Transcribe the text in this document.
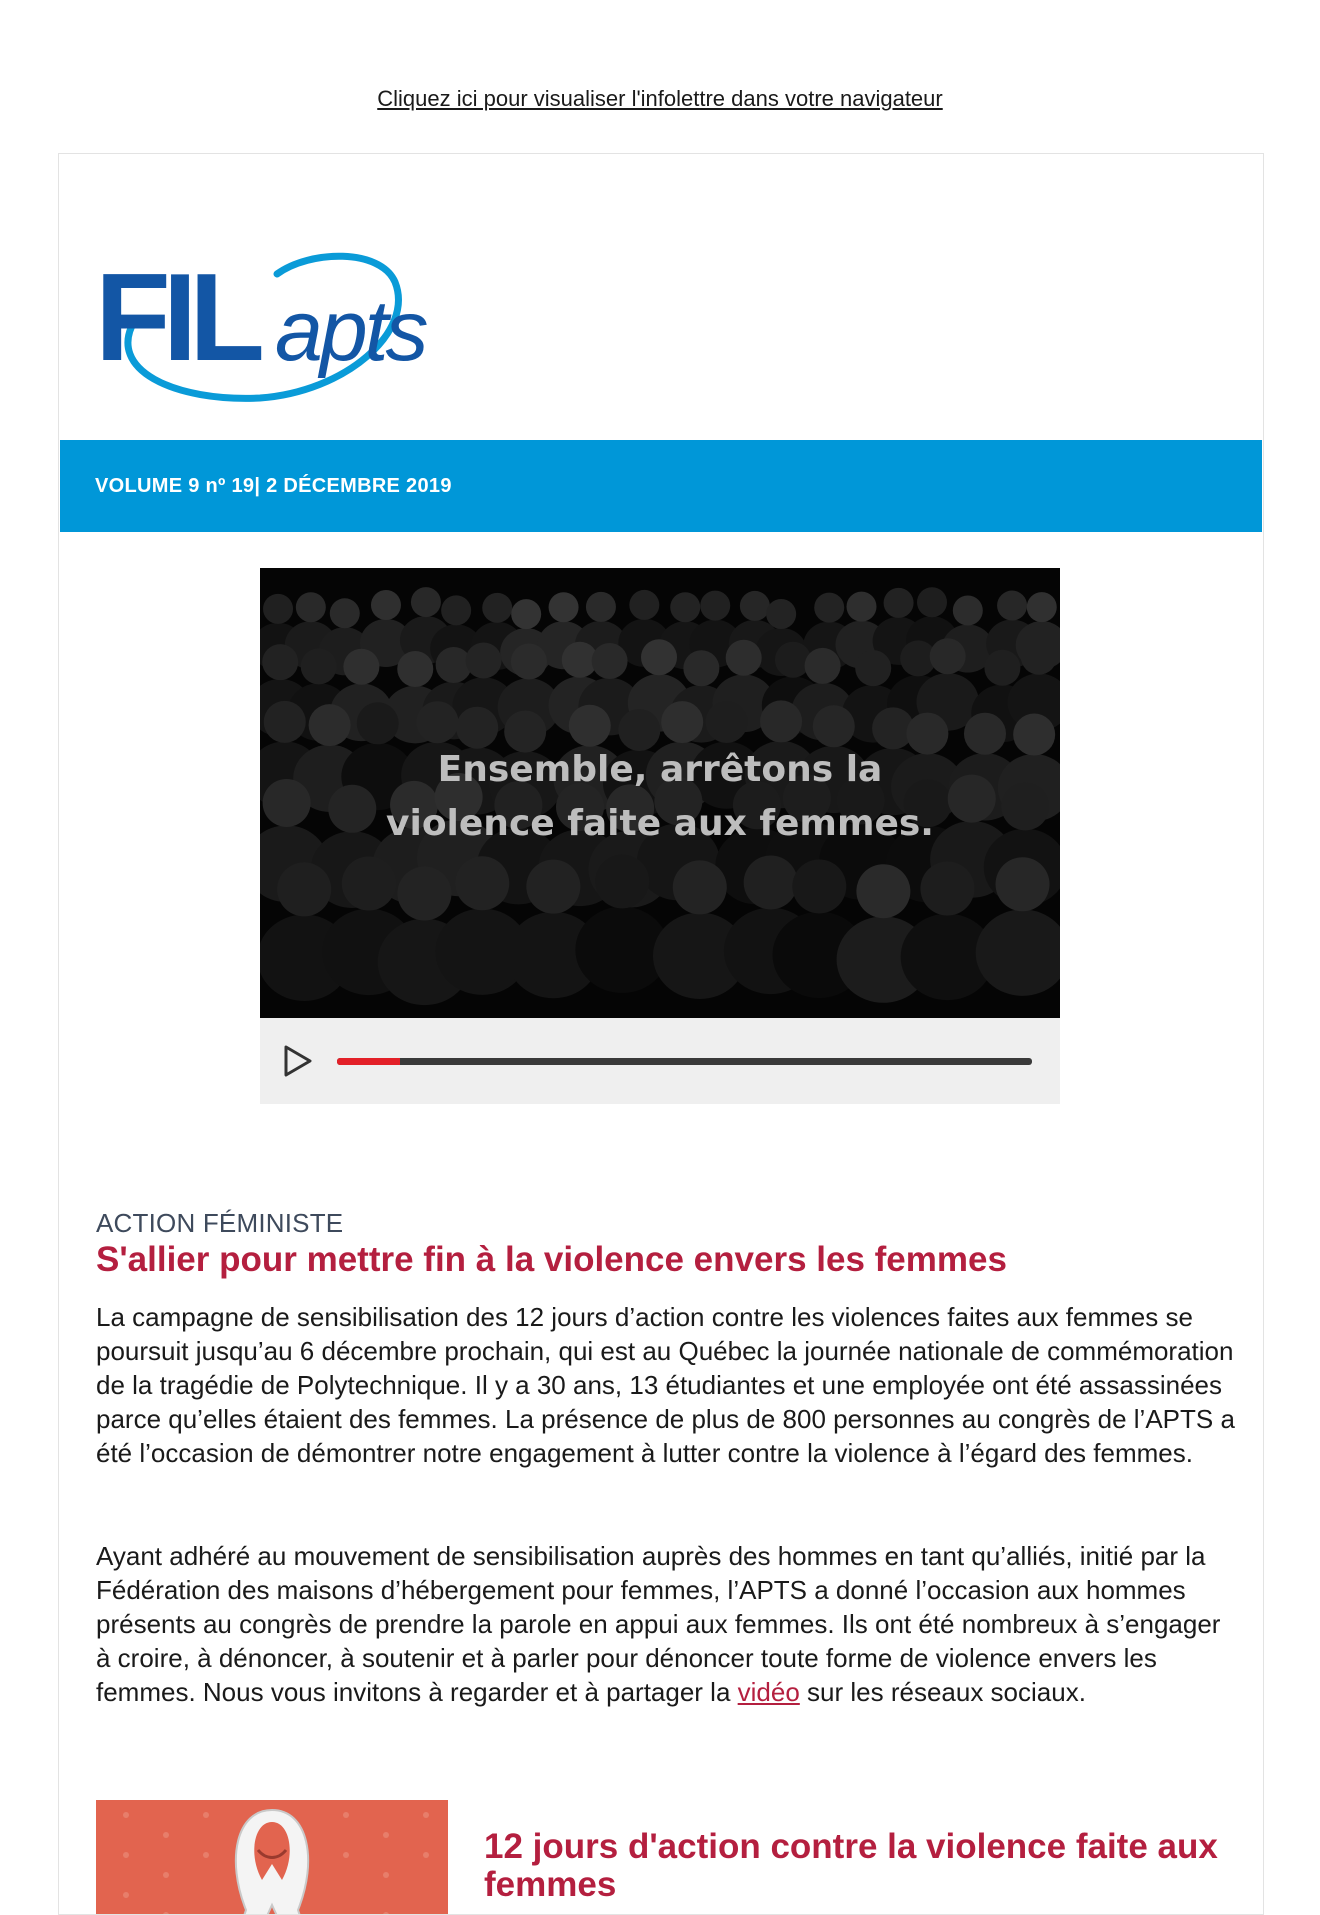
Cliquez ici pour visualiser l'infolettre dans votre navigateur
FIL apts
VOLUME 9 nº 19| 2 DÉCEMBRE 2019
Ensemble, arrêtons la
violence faite aux femmes.
ACTION FÉMINISTE
S'allier pour mettre fin à la violence envers les femmes

La campagne de sensibilisation des 12 jours d’action contre les violences faites aux femmes se poursuit jusqu’au 6 décembre prochain, qui est au Québec la journée nationale de commémoration de la tragédie de Polytechnique. Il y a 30 ans, 13 étudiantes et une employée ont été assassinées parce qu’elles étaient des femmes. La présence de plus de 800 personnes au congrès de l’APTS a été l’occasion de démontrer notre engagement à lutter contre la violence à l’égard des femmes.

Ayant adhéré au mouvement de sensibilisation auprès des hommes en tant qu’alliés, initié par la Fédération des maisons d’hébergement pour femmes, l’APTS a donné l’occasion aux hommes présents au congrès de prendre la parole en appui aux femmes. Ils ont été nombreux à s’engager à croire, à dénoncer, à soutenir et à parler pour dénoncer toute forme de violence envers les femmes. Nous vous invitons à regarder et à partager la vidéo sur les réseaux sociaux.

12 jours d'action contre la violence faite aux femmes
